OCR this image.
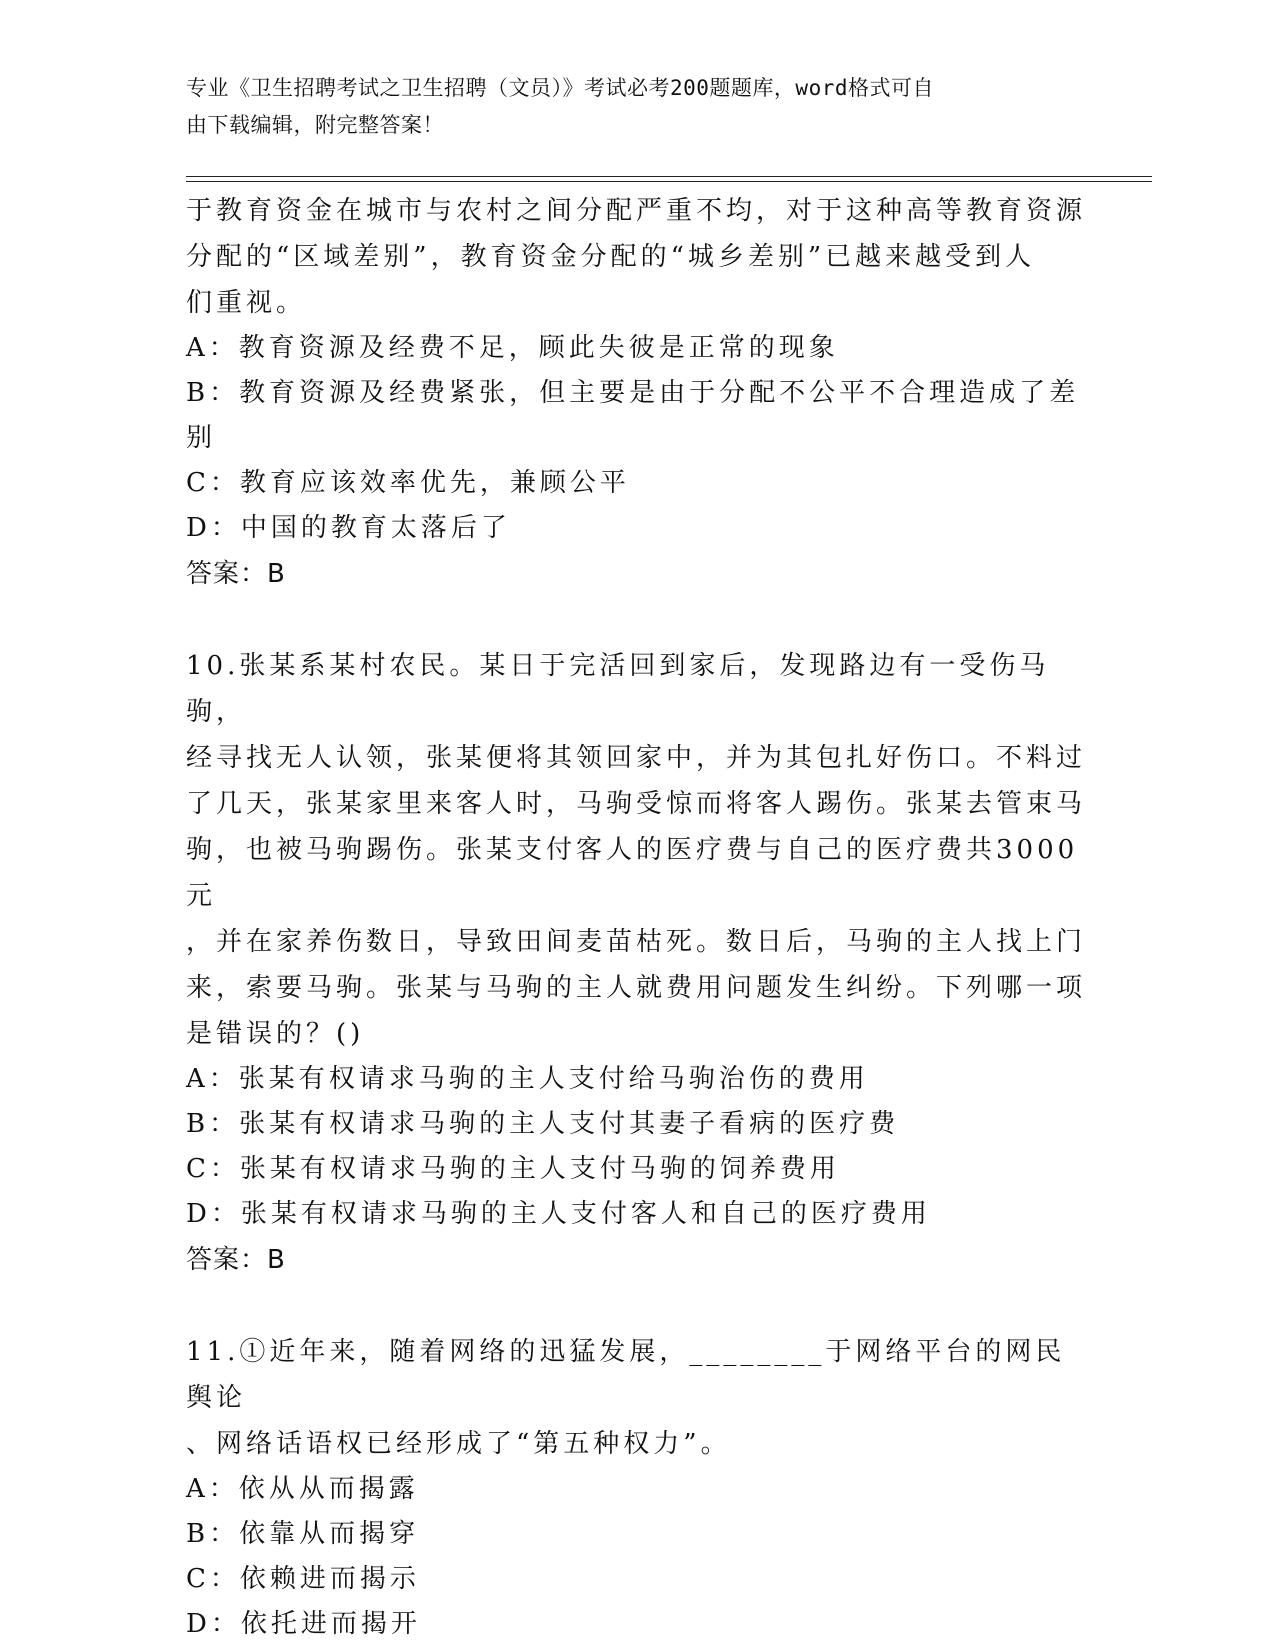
专业《卫生招聘考试之卫生招聘（文员）》考试必考200题题库，word格式可自
由下载编辑，附完整答案！

于教育资金在城市与农村之间分配严重不均，对于这种高等教育资源

分配的“区域差别”，教育资金分配的“城乡差别”已越来越受到人

们重视。

A：教育资源及经费不足，顾此失彼是正常的现象

B：教育资源及经费紧张，但主要是由于分配不公平不合理造成了差别

C：教育应该效率优先，兼顾公平

D：中国的教育太落后了

答案：B

10.张某系某村农民。某日于完活回到家后，发现路边有一受伤马驹，

经寻找无人认领，张某便将其领回家中，并为其包扎好伤口。不料过

了几天，张某家里来客人时，马驹受惊而将客人踢伤。张某去管束马

驹，也被马驹踢伤。张某支付客人的医疗费与自己的医疗费共3000元

，并在家养伤数日，导致田间麦苗枯死。数日后，马驹的主人找上门

来，索要马驹。张某与马驹的主人就费用问题发生纠纷。下列哪一项

是错误的？()

A：张某有权请求马驹的主人支付给马驹治伤的费用

B：张某有权请求马驹的主人支付其妻子看病的医疗费

C：张某有权请求马驹的主人支付马驹的饲养费用

D：张某有权请求马驹的主人支付客人和自己的医疗费用

答案：B

11.①近年来，随着网络的迅猛发展，________于网络平台的网民舆论

、网络话语权已经形成了“第五种权力”。

A：依从从而揭露

B：依靠从而揭穿

C：依赖进而揭示

D：依托进而揭开
